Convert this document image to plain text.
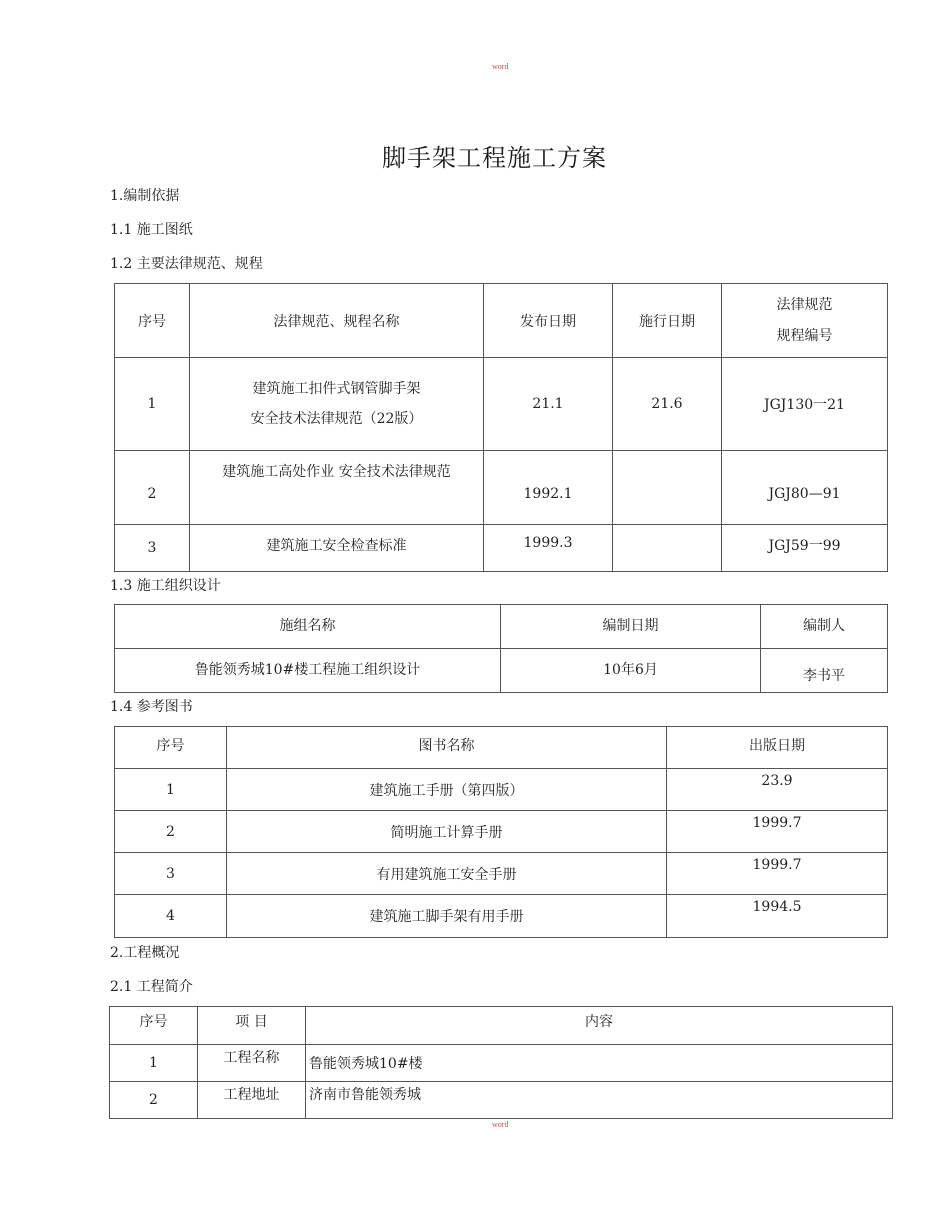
word
脚手架工程施工方案
1.编制依据
1.1 施工图纸
1.2 主要法律规范、规程
序号	法律规范、规程名称	发布日期	施行日期	法律规范
规程编号

1	建筑施工扣件式钢管脚手架
安全技术法律规范（22版）	21.1	21.6	JGJ130一21
2	建筑施工高处作业 安全技术法律规范	1992.1		JGJ80—91
3	建筑施工安全检查标准	1999.3		JGJ59一99
1.3 施工组织设计
施组名称	编制日期	编制人
鲁能领秀城10#楼工程施工组织设计	10年6月	李书平
1.4 参考图书
序号	图书名称	出版日期
1	建筑施工手册（第四版）	23.9
2	简明施工计算手册	1999.7
3	有用建筑施工安全手册	1999.7
4	建筑施工脚手架有用手册	1994.5
2.工程概况
2.1 工程简介
序号	项 目	内容
1	工程名称	鲁能领秀城10#楼
2	工程地址	济南市鲁能领秀城
word
